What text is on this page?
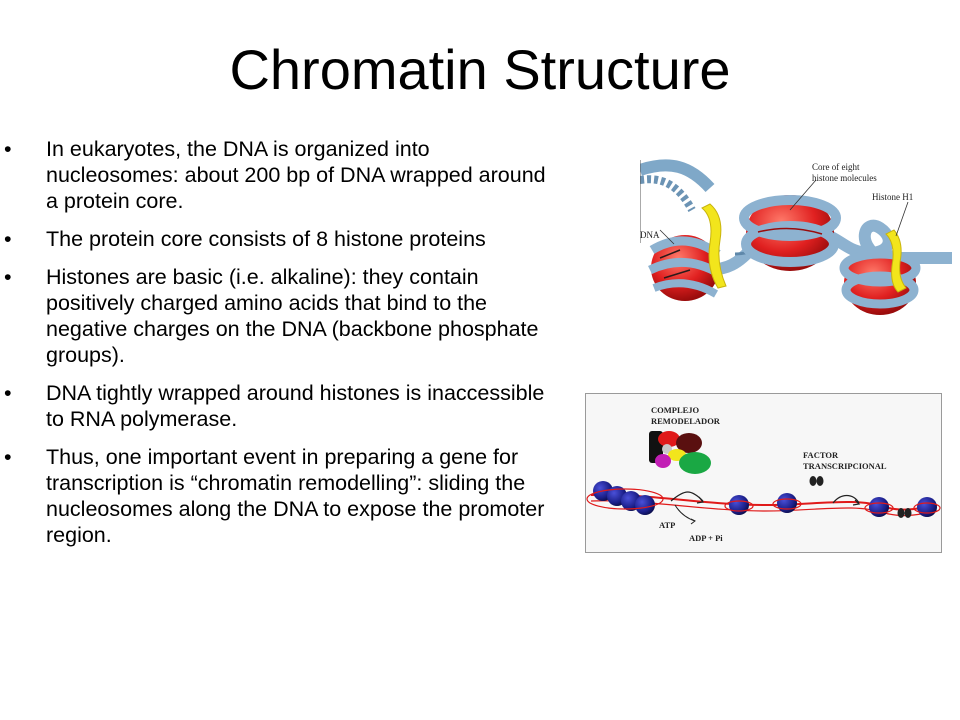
Chromatin Structure
• In eukaryotes, the DNA is organized into nucleosomes: about 200 bp of DNA wrapped around a protein core.
• The protein core consists of 8 histone proteins
• Histones are basic (i.e. alkaline): they contain positively charged amino acids that bind to the negative charges on the DNA (backbone phosphate groups).
• DNA tightly wrapped around histones is inaccessible to RNA polymerase.
• Thus, one important event in preparing a gene for transcription is “chromatin remodelling”: sliding the nucleosomes along the DNA to expose the promoter region.
Core of eight
histone molecules
Histone H1
DNA
COMPLEJO
REMODELADOR
FACTOR
TRANSCRIPCIONAL
ATP
ADP + Pi
